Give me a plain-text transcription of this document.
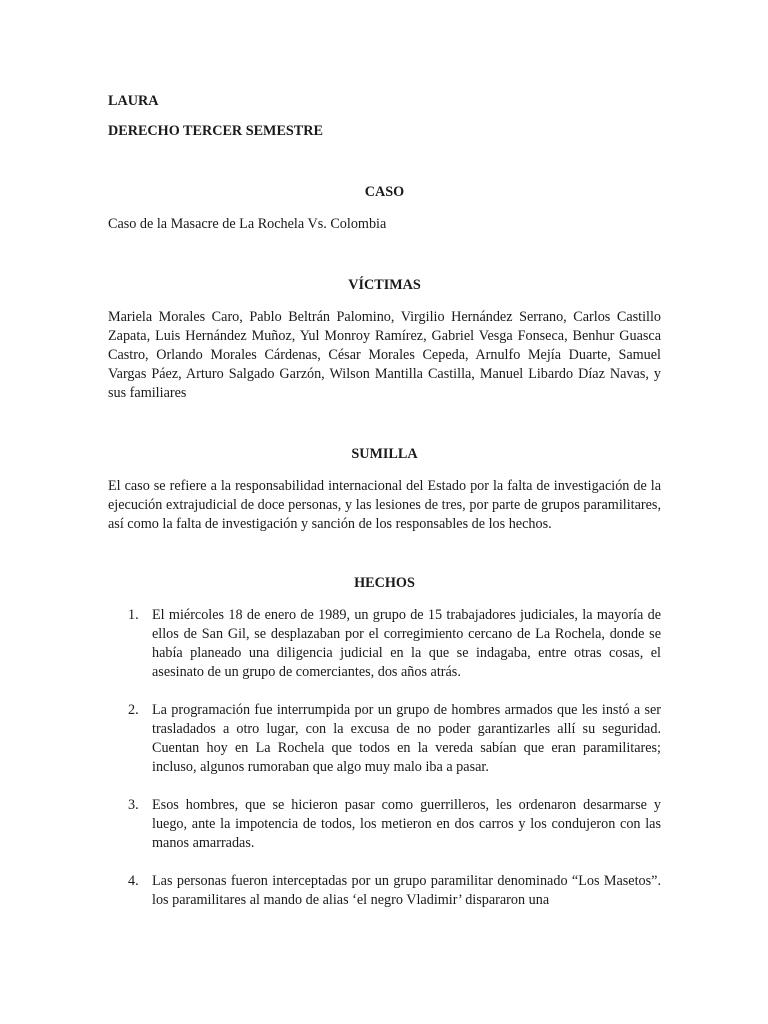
LAURA

DERECHO TERCER SEMESTRE

CASO

Caso de la Masacre de La Rochela Vs. Colombia

VÍCTIMAS

Mariela Morales Caro, Pablo Beltrán Palomino, Virgilio Hernández Serrano, Carlos Castillo Zapata, Luis Hernández Muñoz, Yul Monroy Ramírez, Gabriel Vesga Fonseca, Benhur Guasca Castro, Orlando Morales Cárdenas, César Morales Cepeda, Arnulfo Mejía Duarte, Samuel Vargas Páez, Arturo Salgado Garzón, Wilson Mantilla Castilla, Manuel Libardo Díaz Navas, y sus familiares

SUMILLA

El caso se refiere a la responsabilidad internacional del Estado por la falta de investigación de la ejecución extrajudicial de doce personas, y las lesiones de tres, por parte de grupos paramilitares, así como la falta de investigación y sanción de los responsables de los hechos.

HECHOS

1. El miércoles 18 de enero de 1989, un grupo de 15 trabajadores judiciales, la mayoría de ellos de San Gil, se desplazaban por el corregimiento cercano de La Rochela, donde se había planeado una diligencia judicial en la que se indagaba, entre otras cosas, el asesinato de un grupo de comerciantes, dos años atrás.
2. La programación fue interrumpida por un grupo de hombres armados que les instó a ser trasladados a otro lugar, con la excusa de no poder garantizarles allí su seguridad. Cuentan hoy en La Rochela que todos en la vereda sabían que eran paramilitares; incluso, algunos rumoraban que algo muy malo iba a pasar.
3. Esos hombres, que se hicieron pasar como guerrilleros, les ordenaron desarmarse y luego, ante la impotencia de todos, los metieron en dos carros y los condujeron con las manos amarradas.
4. Las personas fueron interceptadas por un grupo paramilitar denominado “Los Masetos”. los paramilitares al mando de alias ‘el negro Vladimir’ dispararon una
